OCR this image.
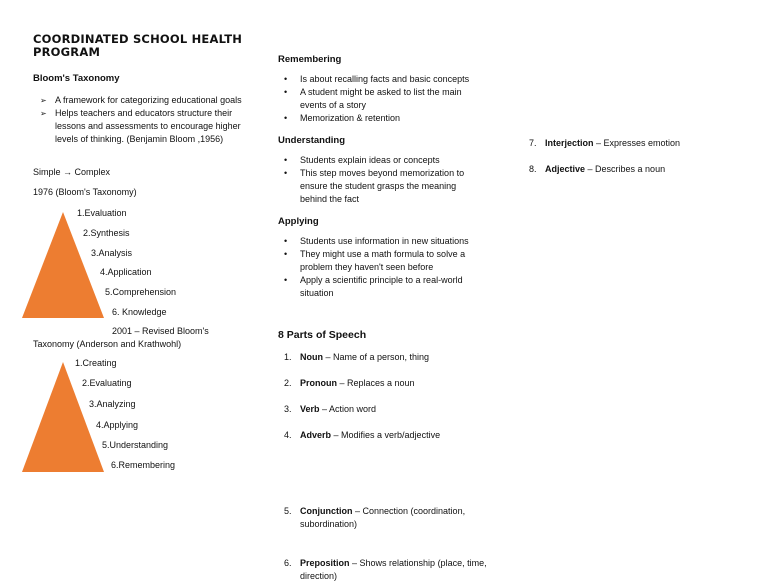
COORDINATED SCHOOL HEALTH PROGRAM
Bloom's Taxonomy
➢ A framework for categorizing educational goals
➢ Helps teachers and educators structure their lessons and assessments to encourage higher levels of thinking. (Benjamin Bloom ,1956)
Simple → Complex
1976 (Bloom's Taxonomy)
1.Evaluation
2.Synthesis
3.Analysis
4.Application
5.Comprehension
6. Knowledge
2001 – Revised Bloom's
Taxonomy (Anderson and Krathwohl)
1.Creating
2.Evaluating
3.Analyzing
4.Applying
5.Understanding
6.Remembering
Remembering
• Is about recalling facts and basic concepts
• A student might be asked to list the main events of a story
• Memorization & retention
Understanding
• Students explain ideas or concepts
• This step moves beyond memorization to ensure the student grasps the meaning behind the fact
Applying
• Students use information in new situations
• They might use a math formula to solve a problem they haven't seen before
• Apply a scientific principle to a real-world situation
8 Parts of Speech
1. Noun – Name of a person, thing
2. Pronoun – Replaces a noun
3. Verb – Action word
4. Adverb – Modifies a verb/adjective
5. Conjunction – Connection (coordination, subordination)
6. Preposition – Shows relationship (place, time, direction)
7. Interjection – Expresses emotion
8. Adjective – Describes a noun
